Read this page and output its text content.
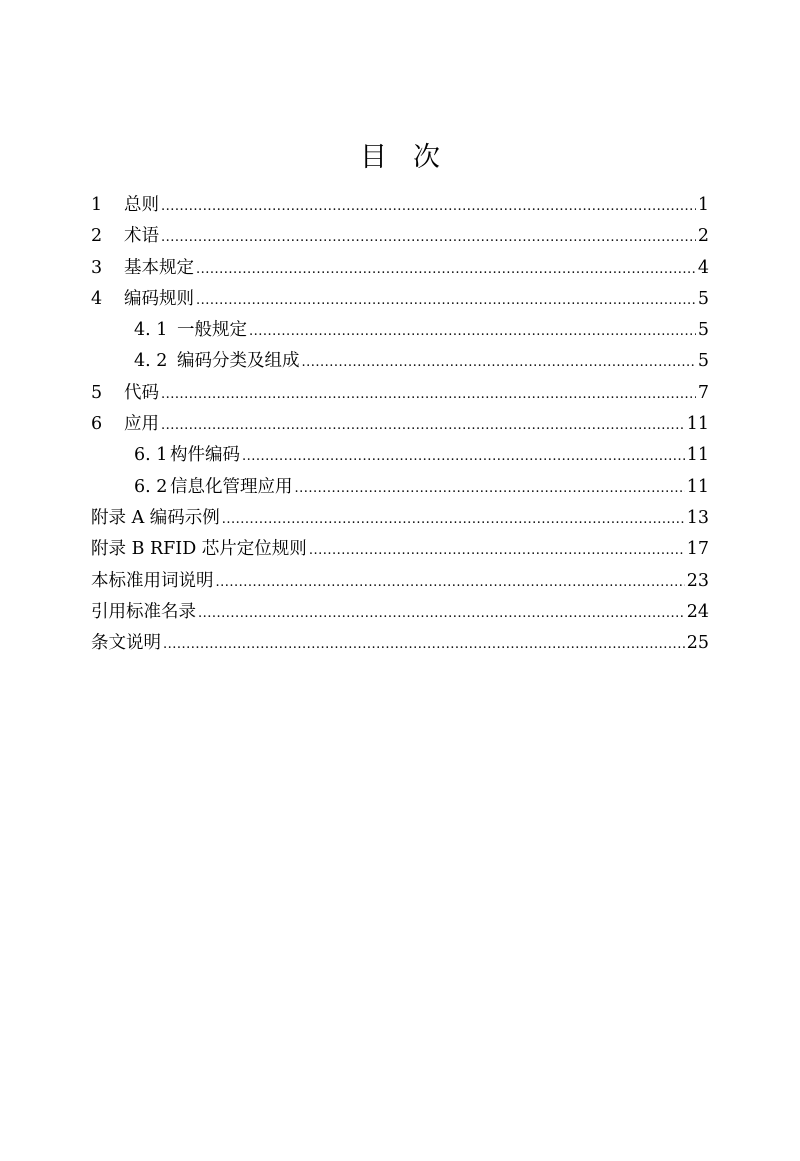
目 次
1	总则 .....	1
2	术语 .....	2
3	基本规定 .....	4
4	编码规则 .....	5
4. 1 一般规定 .....	5
4. 2 编码分类及组成 .....	5
5	代码 .....	7
6	应用 .....	11
6. 1 构件编码 .....	11
6. 2 信息化管理应用 .....	11
附录 A 编码示例 .....	13
附录 B RFID 芯片定位规则 .....	17
本标准用词说明 .....	23
引用标准名录 .....	24
条文说明 .....	25
